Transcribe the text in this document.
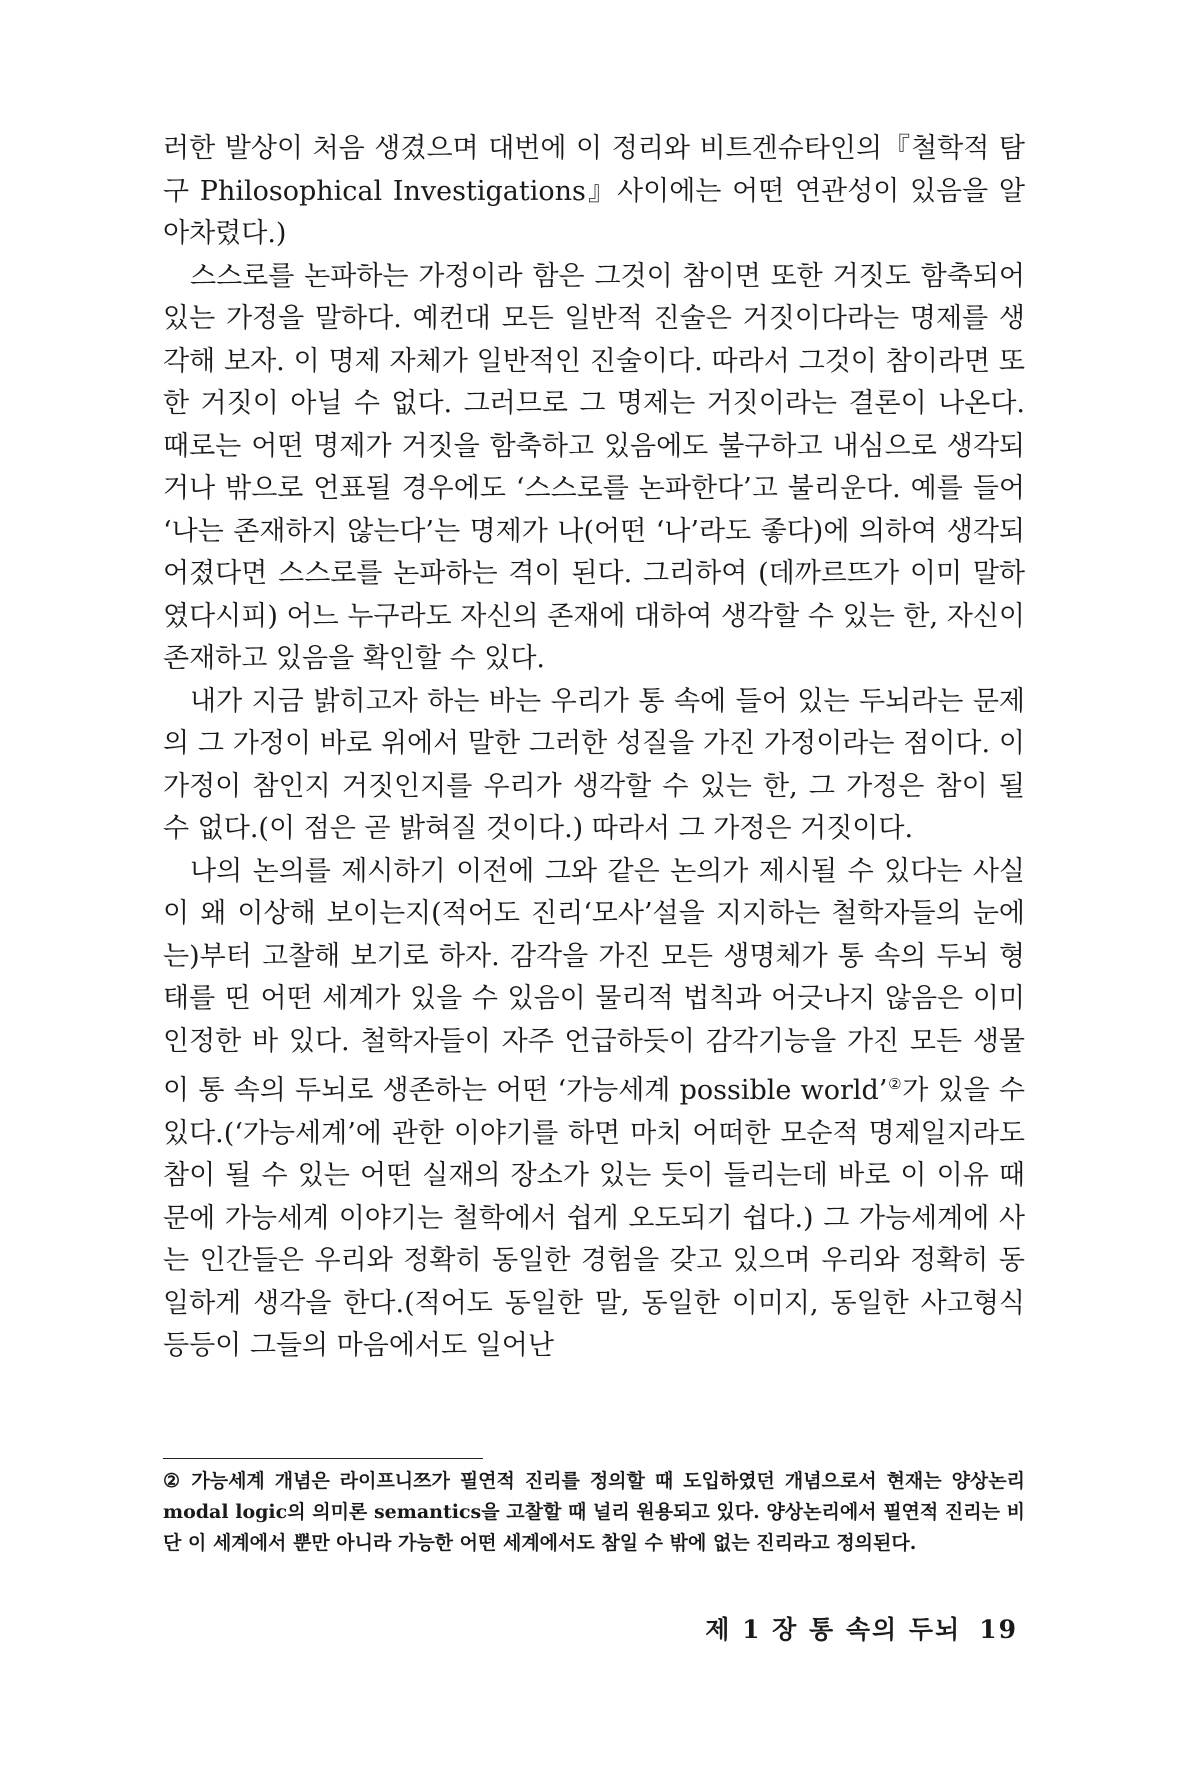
러한 발상이 처음 생겼으며 대번에 이 정리와 비트겐슈타인의『철학적 탐구 Philosophical Investigations』사이에는 어떤 연관성이 있음을 알아차렸다.)

스스로를 논파하는 가정이라 함은 그것이 참이면 또한 거짓도 함축되어 있는 가정을 말하다. 예컨대 모든 일반적 진술은 거짓이다라는 명제를 생각해 보자. 이 명제 자체가 일반적인 진술이다. 따라서 그것이 참이라면 또한 거짓이 아닐 수 없다. 그러므로 그 명제는 거짓이라는 결론이 나온다. 때로는 어떤 명제가 거짓을 함축하고 있음에도 불구하고 내심으로 생각되거나 밖으로 언표될 경우에도 ‘스스로를 논파한다’고 불리운다. 예를 들어 ‘나는 존재하지 않는다’는 명제가 나(어떤 ‘나’라도 좋다)에 의하여 생각되어졌다면 스스로를 논파하는 격이 된다. 그리하여 (데까르뜨가 이미 말하였다시피) 어느 누구라도 자신의 존재에 대하여 생각할 수 있는 한, 자신이 존재하고 있음을 확인할 수 있다.

내가 지금 밝히고자 하는 바는 우리가 통 속에 들어 있는 두뇌라는 문제의 그 가정이 바로 위에서 말한 그러한 성질을 가진 가정이라는 점이다. 이 가정이 참인지 거짓인지를 우리가 생각할 수 있는 한, 그 가정은 참이 될 수 없다.(이 점은 곧 밝혀질 것이다.) 따라서 그 가정은 거짓이다.

나의 논의를 제시하기 이전에 그와 같은 논의가 제시될 수 있다는 사실이 왜 이상해 보이는지(적어도 진리‘모사’설을 지지하는 철학자들의 눈에는)부터 고찰해 보기로 하자. 감각을 가진 모든 생명체가 통 속의 두뇌 형태를 띤 어떤 세계가 있을 수 있음이 물리적 법칙과 어긋나지 않음은 이미 인정한 바 있다. 철학자들이 자주 언급하듯이 감각기능을 가진 모든 생물이 통 속의 두뇌로 생존하는 어떤 ‘가능세계 possible world’②가 있을 수 있다.(‘가능세계’에 관한 이야기를 하면 마치 어떠한 모순적 명제일지라도 참이 될 수 있는 어떤 실재의 장소가 있는 듯이 들리는데 바로 이 이유 때문에 가능세계 이야기는 철학에서 쉽게 오도되기 쉽다.) 그 가능세계에 사는 인간들은 우리와 정확히 동일한 경험을 갖고 있으며 우리와 정확히 동일하게 생각을 한다.(적어도 동일한 말, 동일한 이미지, 동일한 사고형식 등등이 그들의 마음에서도 일어난

② 가능세계 개념은 라이프니쯔가 필연적 진리를 정의할 때 도입하였던 개념으로서 현재는 양상논리 modal logic의 의미론 semantics을 고찰할 때 널리 원용되고 있다. 양상논리에서 필연적 진리는 비단 이 세계에서 뿐만 아니라 가능한 어떤 세계에서도 참일 수 밖에 없는 진리라고 정의된다.
제 1 장 통 속의 두뇌 19
